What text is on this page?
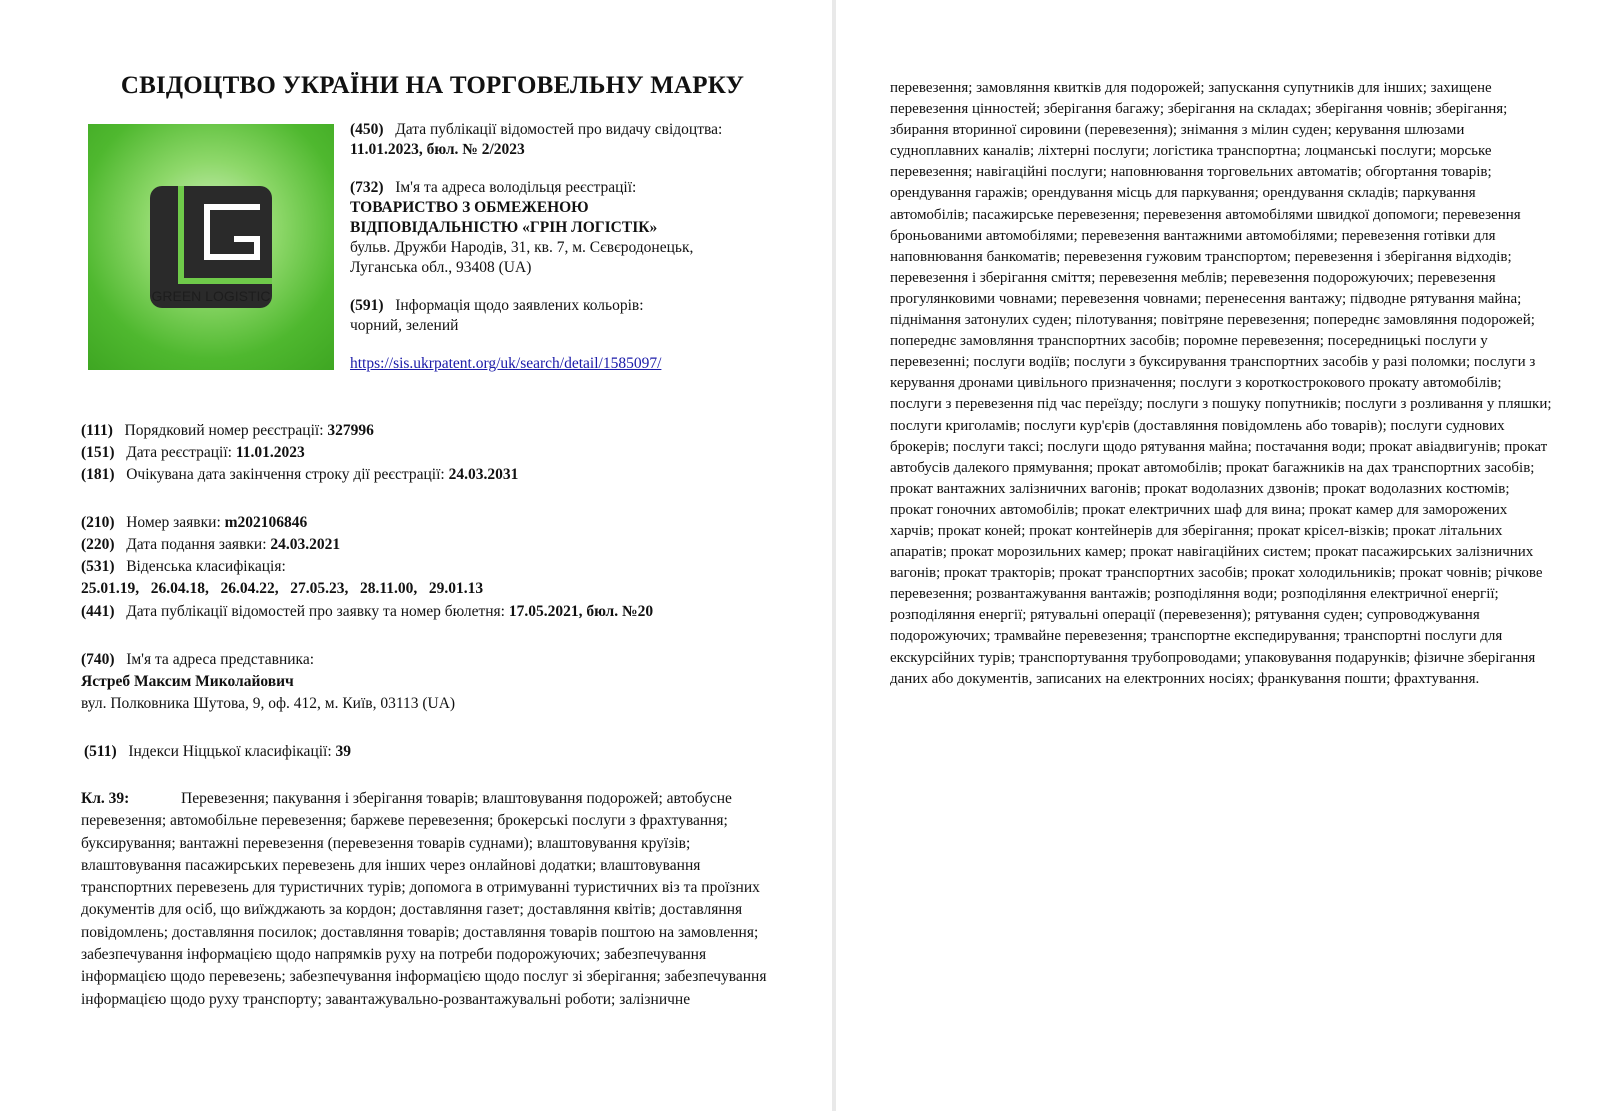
СВІДОЦТВО УКРАЇНИ НА ТОРГОВЕЛЬНУ МАРКУ
GREEN LOGISTIC
(450) Дата публікації відомостей про видачу свідоцтва:
11.01.2023, бюл. № 2/2023
(732) Ім'я та адреса володільця реєстрації:
ТОВАРИСТВО З ОБМЕЖЕНОЮ
ВІДПОВІДАЛЬНІСТЮ «ГРІН ЛОГІСТІК»
бульв. Дружби Народів, 31, кв. 7, м. Сєвєродонецьк,
Луганська обл., 93408 (UA)
(591) Інформація щодо заявлених кольорів:
чорний, зелений
https://sis.ukrpatent.org/uk/search/detail/1585097/
(111) Порядковий номер реєстрації: 327996
(151) Дата реєстрації: 11.01.2023
(181) Очікувана дата закінчення строку дії реєстрації: 24.03.2031
(210) Номер заявки: m202106846
(220) Дата подання заявки: 24.03.2021
(531) Віденська класифікація:
25.01.19,   26.04.18,   26.04.22,   27.05.23,   28.11.00,   29.01.13
(441) Дата публікації відомостей про заявку та номер бюлетня: 17.05.2021, бюл. №20
(740) Ім'я та адреса представника:
Ястреб Максим Миколайович
вул. Полковника Шутова, 9, оф. 412, м. Київ, 03113 (UA)
(511) Індекси Ніццької класифікації: 39
Кл. 39:	Перевезення; пакування і зберігання товарів; влаштовування подорожей; автобусне перевезення; автомобільне перевезення; баржеве перевезення; брокерські послуги з фрахтування; буксирування; вантажні перевезення (перевезення товарів суднами); влаштовування круїзів; влаштовування пасажирських перевезень для інших через онлайнові додатки; влаштовування транспортних перевезень для туристичних турів; допомога в отримуванні туристичних віз та проїзних документів для осіб, що виїжджають за кордон; доставляння газет; доставляння квітів; доставляння повідомлень; доставляння посилок; доставляння товарів; доставляння товарів поштою на замовлення; забезпечування інформацією щодо напрямків руху на потреби подорожуючих; забезпечування інформацією щодо перевезень; забезпечування інформацією щодо послуг зі зберігання; забезпечування інформацією щодо руху транспорту; завантажувально-розвантажувальні роботи; залізничне
перевезення; замовляння квитків для подорожей; запускання супутників для інших; захищене перевезення цінностей; зберігання багажу; зберігання на складах; зберігання човнів; зберігання; збирання вторинної сировини (перевезення); знімання з мілин суден; керування шлюзами судноплавних каналів; ліхтерні послуги; логістика транспортна; лоцманські послуги; морське перевезення; навігаційні послуги; наповнювання торговельних автоматів; обгортання товарів; орендування гаражів; орендування місць для паркування; орендування складів; паркування автомобілів; пасажирське перевезення; перевезення автомобілями швидкої допомоги; перевезення броньованими автомобілями; перевезення вантажними автомобілями; перевезення готівки для наповнювання банкоматів; перевезення гужовим транспортом; перевезення і зберігання відходів; перевезення і зберігання сміття; перевезення меблів; перевезення подорожуючих; перевезення прогулянковими човнами; перевезення човнами; перенесення вантажу; підводне рятування майна; піднімання затонулих суден; пілотування; повітряне перевезення; попереднє замовляння подорожей; попереднє замовляння транспортних засобів; поромне перевезення; посередницькі послуги у перевезенні; послуги водіїв; послуги з буксирування транспортних засобів у разі поломки; послуги з керування дронами цивільного призначення; послуги з короткострокового прокату автомобілів; послуги з перевезення під час переїзду; послуги з пошуку попутників; послуги з розливання у пляшки; послуги криголамів; послуги кур'єрів (доставляння повідомлень або товарів); послуги суднових брокерів; послуги таксі; послуги щодо рятування майна; постачання води; прокат авіадвигунів; прокат автобусів далекого прямування; прокат автомобілів; прокат багажників на дах транспортних засобів; прокат вантажних залізничних вагонів; прокат водолазних дзвонів; прокат водолазних костюмів; прокат гоночних автомобілів; прокат електричних шаф для вина; прокат камер для заморожених харчів; прокат коней; прокат контейнерів для зберігання; прокат крісел-візків; прокат літальних апаратів; прокат морозильних камер; прокат навігаційних систем; прокат пасажирських залізничних вагонів; прокат тракторів; прокат транспортних засобів; прокат холодильників; прокат човнів; річкове перевезення; розвантажування вантажів; розподіляння води; розподіляння електричної енергії; розподіляння енергії; рятувальні операції (перевезення); рятування суден; супроводжування подорожуючих; трамвайне перевезення; транспортне експедирування; транспортні послуги для екскурсійних турів; транспортування трубопроводами; упаковування подарунків; фізичне зберігання даних або документів, записаних на електронних носіях; франкування пошти; фрахтування.
